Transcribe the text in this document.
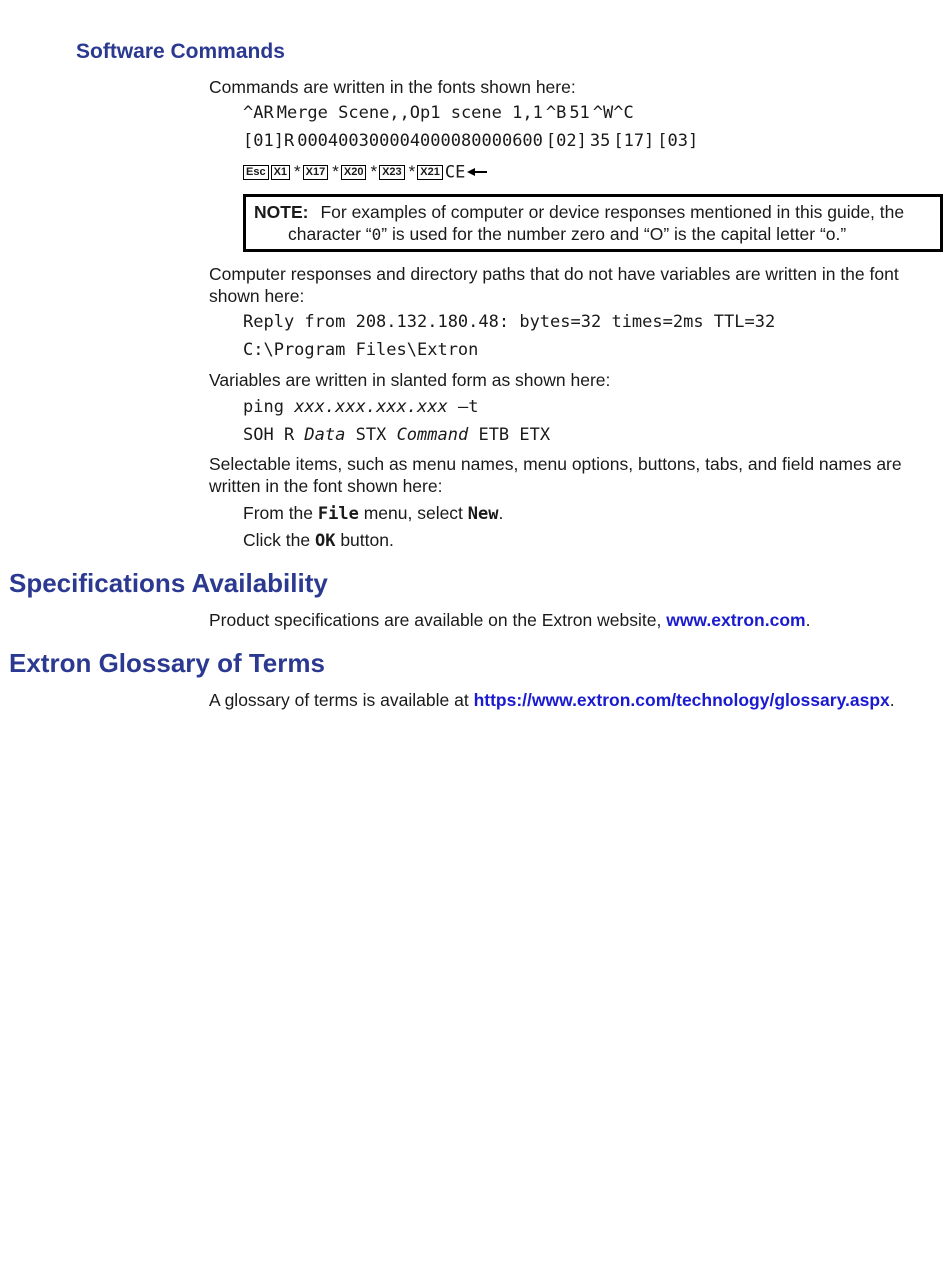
Software Commands

Commands are written in the fonts shown here:

^AR Merge Scene,,Op1 scene 1,1 ^B 51 ^W^C
[01]R 000400300004000080000600 [02] 35 [17] [03]
Esc X1 * X17 * X20 * X23 * X21 CE
NOTE: For examples of computer or device responses mentioned in this guide, the
character “0” is used for the number zero and “O” is the capital letter “o.”

Computer responses and directory paths that do not have variables are written in the font shown here:

Reply from 208.132.180.48: bytes=32 times=2ms TTL=32
C:\Program Files\Extron

Variables are written in slanted form as shown here:

ping xxx.xxx.xxx.xxx —t
SOH R Data STX Command ETB ETX

Selectable items, such as menu names, menu options, buttons, tabs, and field names are written in the font shown here:

From the File menu, select New.
Click the OK button.
Specifications Availability

Product specifications are available on the Extron website, www.extron.com.

Extron Glossary of Terms

A glossary of terms is available at https://www.extron.com/technology/glossary.aspx.
